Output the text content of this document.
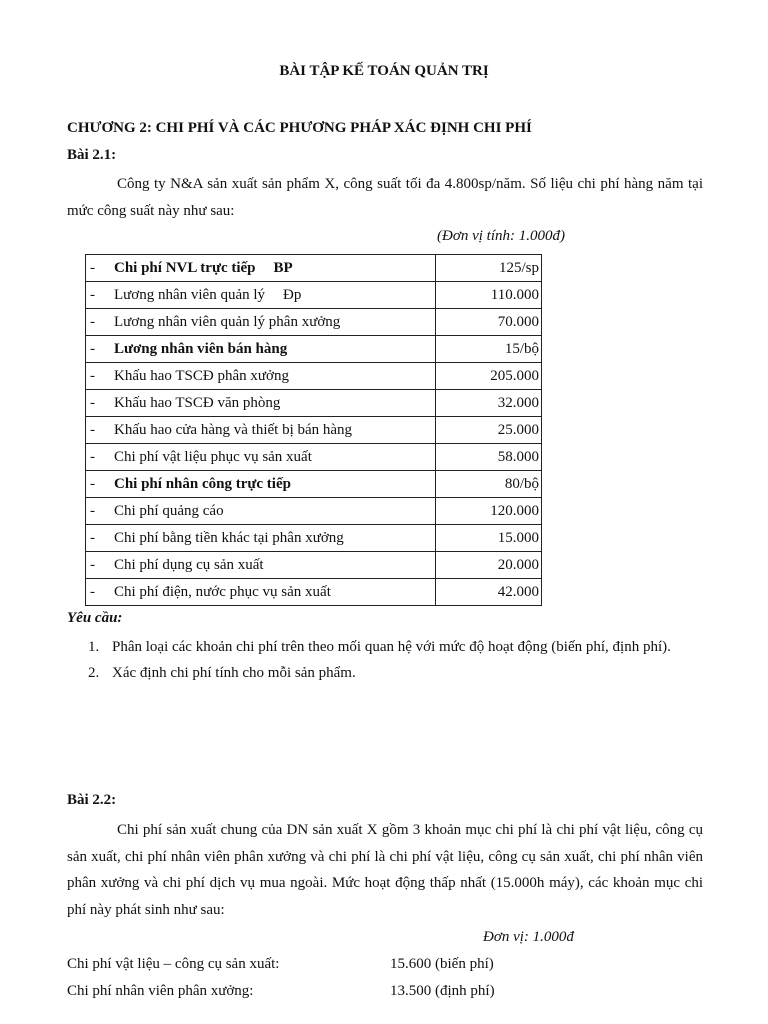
BÀI TẬP KẾ TOÁN QUẢN TRỊ
CHƯƠNG 2: CHI PHÍ VÀ CÁC PHƯƠNG PHÁP XÁC ĐỊNH CHI PHÍ
Bài 2.1:
Công ty N&A sản xuất sản phẩm X, công suất tối đa 4.800sp/năm. Số liệu chi phí hàng năm tại mức công suất này như sau:
(Đơn vị tính: 1.000đ)
- Chi phí NVL trực tiếp BP	125/sp
- Lương nhân viên quản lý Đp	110.000
- Lương nhân viên quản lý phân xưởng	70.000
- Lương nhân viên bán hàng	15/bộ
- Khấu hao TSCĐ phân xưởng	205.000
- Khấu hao TSCĐ văn phòng	32.000
- Khấu hao cửa hàng và thiết bị bán hàng	25.000
- Chi phí vật liệu phục vụ sản xuất	58.000
- Chi phí nhân công trực tiếp	80/bộ
- Chi phí quảng cáo	120.000
- Chi phí bằng tiền khác tại phân xưởng	15.000
- Chi phí dụng cụ sản xuất	20.000
- Chi phí điện, nước phục vụ sản xuất	42.000
Yêu cầu:
1. Phân loại các khoản chi phí trên theo mối quan hệ với mức độ hoạt động (biến phí, định phí).
2. Xác định chi phí tính cho mỗi sản phẩm.
Bài 2.2:
Chi phí sản xuất chung của DN sản xuất X gồm 3 khoản mục chi phí là chi phí vật liệu, công cụ sản xuất, chi phí nhân viên phân xưởng và chi phí là chi phí vật liệu, công cụ sản xuất, chi phí nhân viên phân xưởng và chi phí dịch vụ mua ngoài. Mức hoạt động thấp nhất (15.000h máy), các khoản mục chi phí này phát sinh như sau:
Đơn vị: 1.000đ
Chi phí vật liệu – công cụ sản xuất:	15.600 (biến phí)
Chi phí nhân viên phân xưởng:	13.500 (định phí)
